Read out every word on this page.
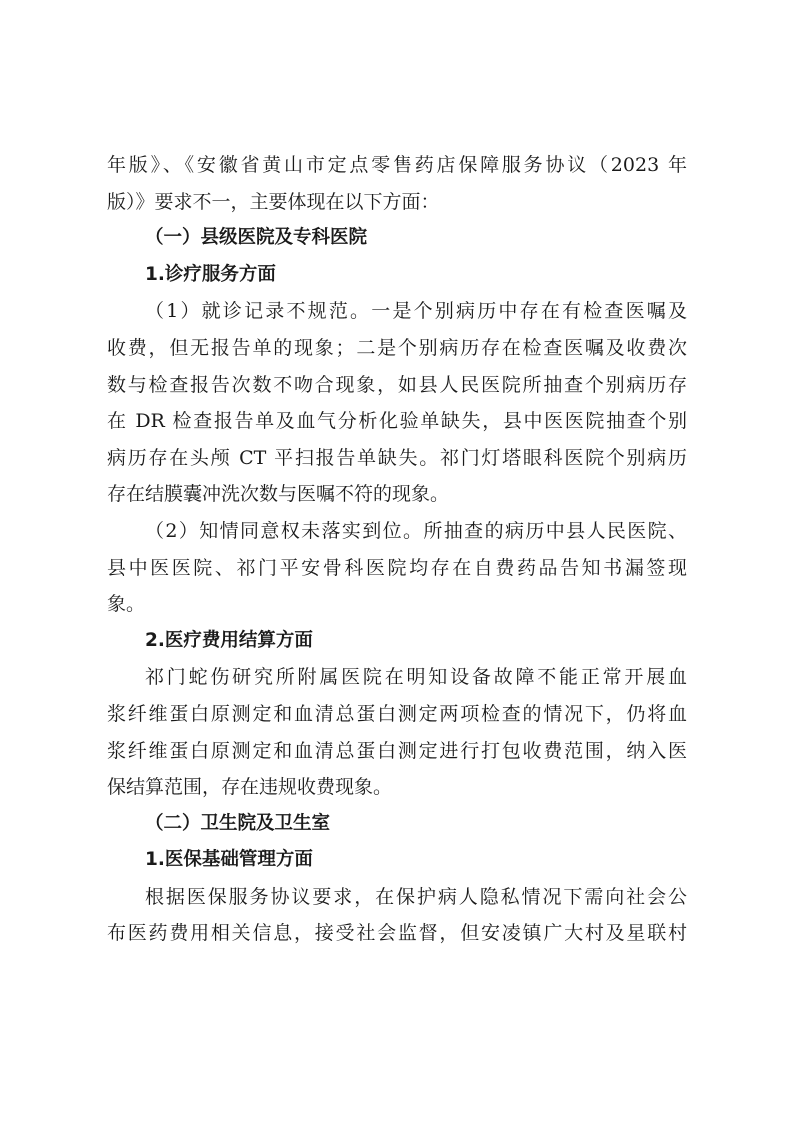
年版》、《安徽省黄山市定点零售药店保障服务协议（2023 年
版）》要求不一，主要体现在以下方面：
（一）县级医院及专科医院
1.诊疗服务方面
（1）就诊记录不规范。一是个别病历中存在有检查医嘱及
收费，但无报告单的现象；二是个别病历存在检查医嘱及收费次
数与检查报告次数不吻合现象，如县人民医院所抽查个别病历存
在 DR 检查报告单及血气分析化验单缺失，县中医医院抽查个别
病历存在头颅 CT 平扫报告单缺失。祁门灯塔眼科医院个别病历
存在结膜囊冲洗次数与医嘱不符的现象。
（2）知情同意权未落实到位。所抽查的病历中县人民医院、
县中医医院、祁门平安骨科医院均存在自费药品告知书漏签现
象。
2.医疗费用结算方面
祁门蛇伤研究所附属医院在明知设备故障不能正常开展血
浆纤维蛋白原测定和血清总蛋白测定两项检查的情况下，仍将血
浆纤维蛋白原测定和血清总蛋白测定进行打包收费范围，纳入医
保结算范围，存在违规收费现象。
（二）卫生院及卫生室
1.医保基础管理方面
根据医保服务协议要求，在保护病人隐私情况下需向社会公
布医药费用相关信息，接受社会监督，但安凌镇广大村及星联村
